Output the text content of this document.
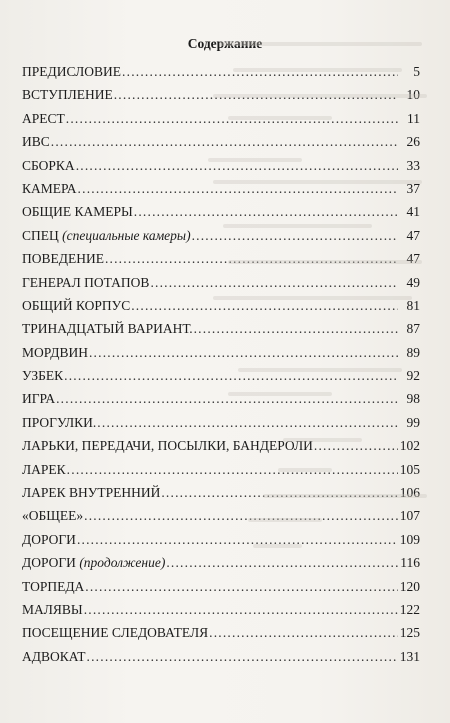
Содержание
ПРЕДИСЛОВИЕ .....	5
ВСТУПЛЕНИЕ .....	10
АРЕСТ .....	11
ИВС .....	26
СБОРКА .....	33
КАМЕРА .....	37
ОБЩИЕ КАМЕРЫ .....	41
СПЕЦ (специальные камеры) .....	47
ПОВЕДЕНИЕ .....	47
ГЕНЕРАЛ ПОТАПОВ .....	49
ОБЩИЙ КОРПУС .....	81
ТРИНАДЦАТЫЙ ВАРИАНТ. .....	87
МОРДВИН .....	89
УЗБЕК .....	92
ИГРА .....	98
ПРОГУЛКИ. .....	99
ЛАРЬКИ, ПЕРЕДАЧИ, ПОСЫЛКИ, БАНДЕРОЛИ .....	102
ЛАРЕК .....	105
ЛАРЕК ВНУТРЕННИЙ .....	106
«ОБЩЕЕ» .....	107
ДОРОГИ .....	109
ДОРОГИ (продолжение) .....	116
ТОРПЕДА .....	120
МАЛЯВЫ .....	122
ПОСЕЩЕНИЕ СЛЕДОВАТЕЛЯ .....	125
АДВОКАТ .....	131
